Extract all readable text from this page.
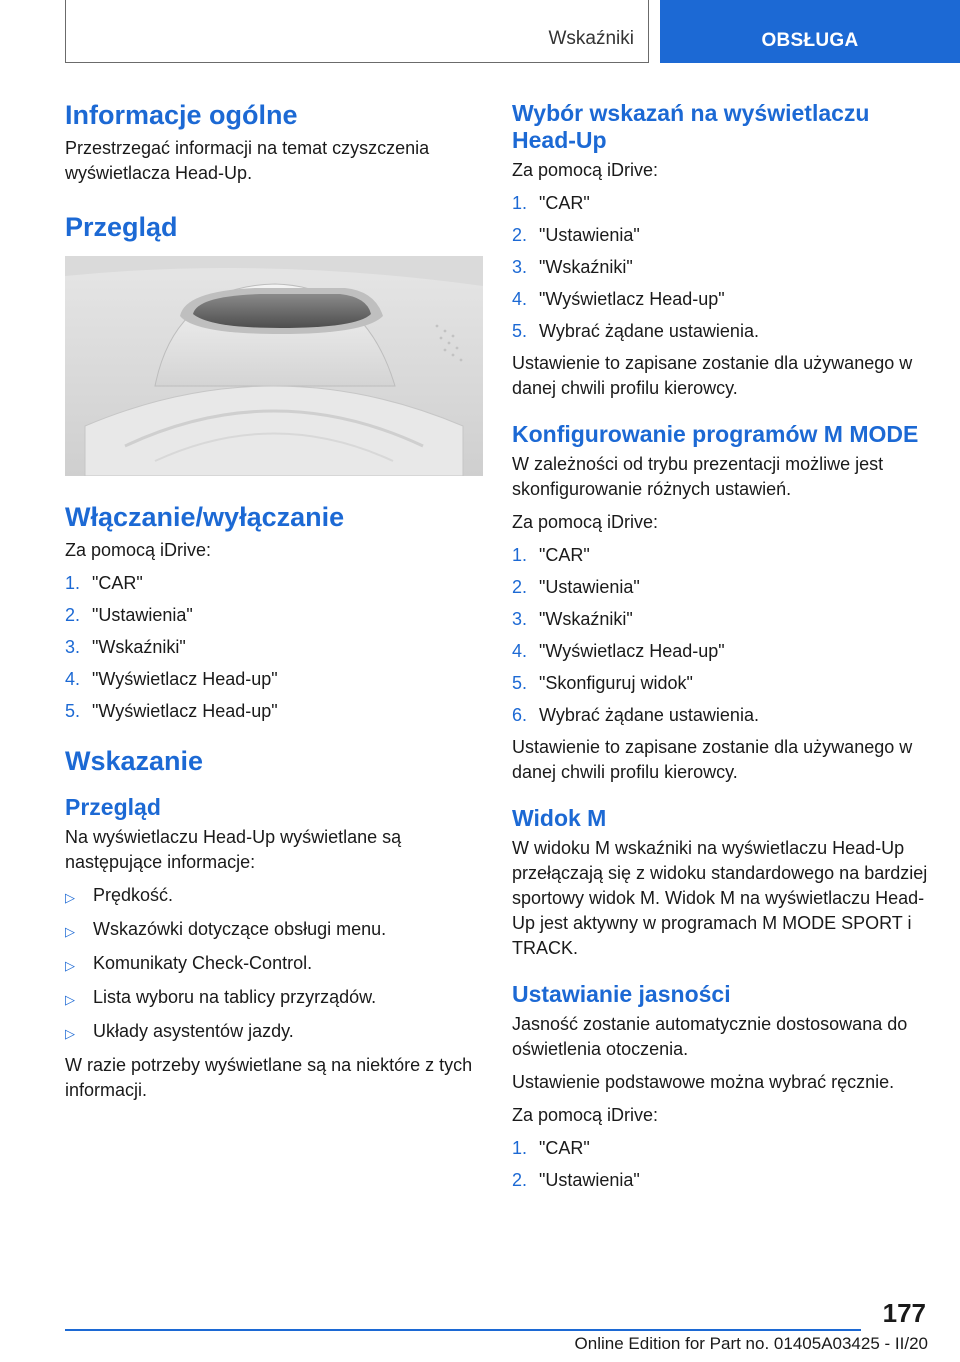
Wskaźniki	OBSŁUGA
Informacje ogólne

Przestrzegać informacji na temat czyszczenia wyświetlacza Head-Up.

Przegląd
Włączanie/wyłączanie

Za pomocą iDrive:

1. "CAR"
2. "Ustawienia"
3. "Wskaźniki"
4. "Wyświetlacz Head-up"
5. "Wyświetlacz Head-up"
Wskazanie
Przegląd

Na wyświetlaczu Head-Up wyświetlane są następujące informacje:

▷	Prędkość.
▷	Wskazówki dotyczące obsługi menu.
▷	Komunikaty Check-Control.
▷	Lista wyboru na tablicy przyrządów.
▷	Układy asystentów jazdy.

W razie potrzeby wyświetlane są na niektóre z tych informacji.

Wybór wskazań na wyświetlaczu Head-Up

Za pomocą iDrive:

1. "CAR"
2. "Ustawienia"
3. "Wskaźniki"
4. "Wyświetlacz Head-up"
5. Wybrać żądane ustawienia.

Ustawienie to zapisane zostanie dla używanego w danej chwili profilu kierowcy.

Konfigurowanie programów M MODE

W zależności od trybu prezentacji możliwe jest skonfigurowanie różnych ustawień.

Za pomocą iDrive:

1. "CAR"
2. "Ustawienia"
3. "Wskaźniki"
4. "Wyświetlacz Head-up"
5. "Skonfiguruj widok"
6. Wybrać żądane ustawienia.

Ustawienie to zapisane zostanie dla używanego w danej chwili profilu kierowcy.

Widok M

W widoku M wskaźniki na wyświetlaczu Head-Up przełączają się z widoku standardowego na bardziej sportowy widok M. Widok M na wyświetlaczu Head-Up jest aktywny w programach M MODE SPORT i TRACK.

Ustawianie jasności

Jasność zostanie automatycznie dostosowana do oświetlenia otoczenia.

Ustawienie podstawowe można wybrać ręcznie.

Za pomocą iDrive:

1. "CAR"
2. "Ustawienia"
177
Online Edition for Part no. 01405A03425 - II/20
